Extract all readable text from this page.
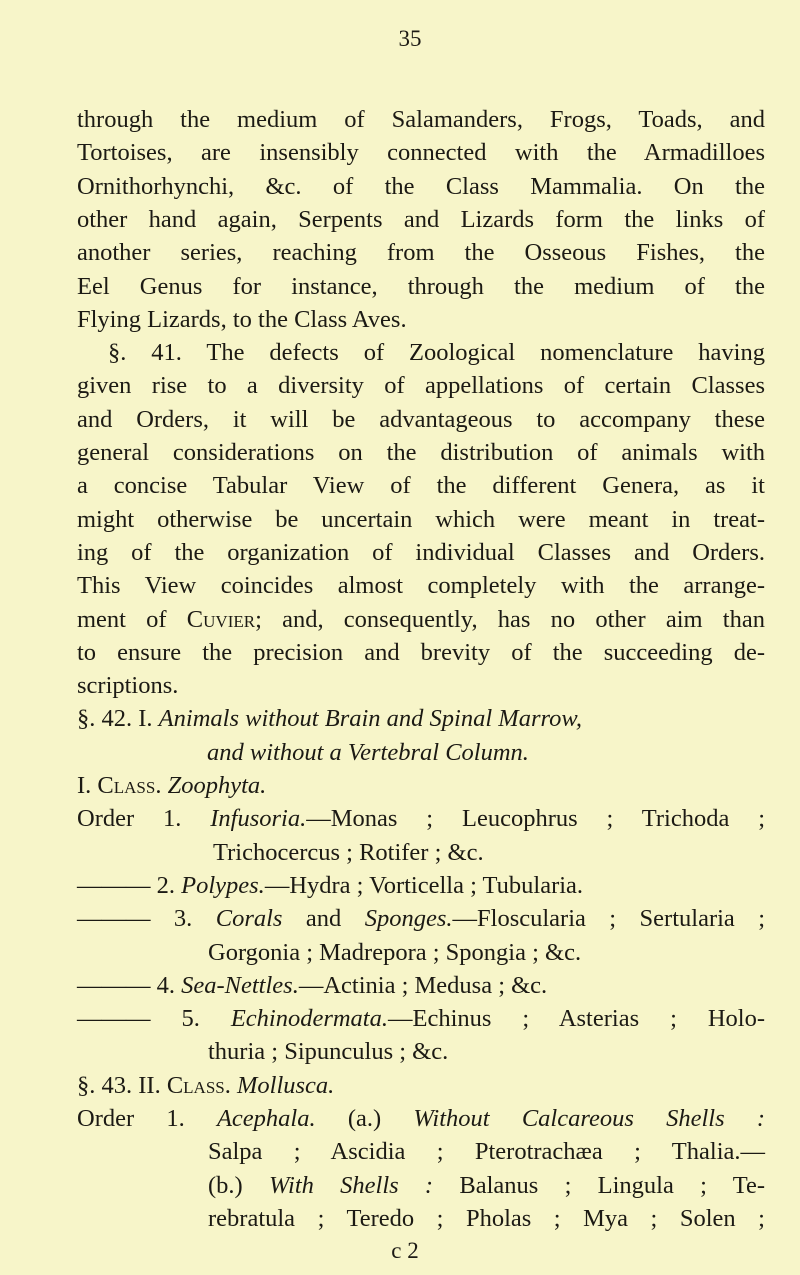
35
through the medium of Salamanders, Frogs, Toads, and
Tortoises, are insensibly connected with the Armadilloes
Ornithorhynchi, &c. of the Class Mammalia. On the
other hand again, Serpents and Lizards form the links of
another series, reaching from the Osseous Fishes, the
Eel Genus for instance, through the medium of the
Flying Lizards, to the Class Aves.
§. 41. The defects of Zoological nomenclature having
given rise to a diversity of appellations of certain Classes
and Orders, it will be advantageous to accompany these
general considerations on the distribution of animals with
a concise Tabular View of the different Genera, as it
might otherwise be uncertain which were meant in treat-
ing of the organization of individual Classes and Orders.
This View coincides almost completely with the arrange-
ment of Cuvier; and, consequently, has no other aim than
to ensure the precision and brevity of the succeeding de-
scriptions.
§. 42. I. Animals without Brain and Spinal Marrow,
and without a Vertebral Column.
I. Class. Zoophyta.
Order 1. Infusoria.—Monas ; Leucophrus ; Trichoda ;
Trichocercus ; Rotifer ; &c.
——— 2. Polypes.—Hydra ; Vorticella ; Tubularia.
——— 3. Corals and Sponges.—Floscularia ; Sertularia ;
Gorgonia ; Madrepora ; Spongia ; &c.
——— 4. Sea-Nettles.—Actinia ; Medusa ; &c.
——— 5. Echinodermata.—Echinus ; Asterias ; Holo-
thuria ; Sipunculus ; &c.
§. 43. II. Class. Mollusca.
Order 1. Acephala. (a.) Without Calcareous Shells :
Salpa ; Ascidia ; Pterotrachæa ; Thalia.—
(b.) With Shells : Balanus ; Lingula ; Te-
rebratula ; Teredo ; Pholas ; Mya ; Solen ;
c 2
